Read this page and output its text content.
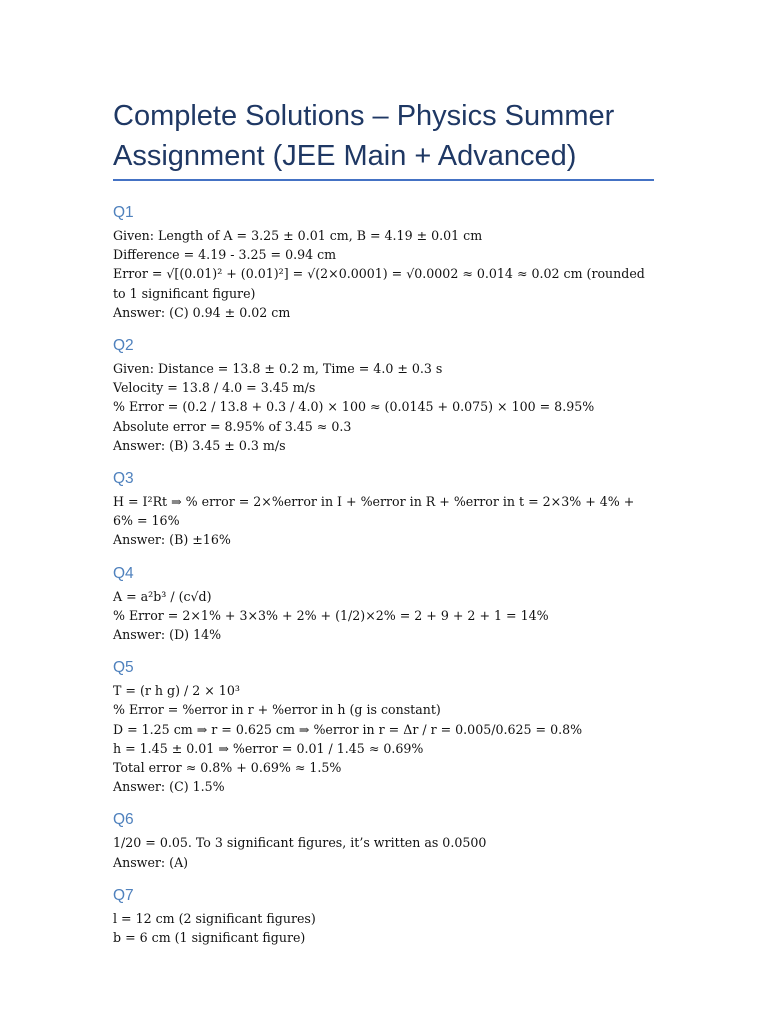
Complete Solutions – Physics Summer Assignment (JEE Main + Advanced)
Q1

Given: Length of A = 3.25 ± 0.01 cm, B = 4.19 ± 0.01 cm

Difference = 4.19 - 3.25 = 0.94 cm

Error = √[(0.01)² + (0.01)²] = √(2×0.0001) = √0.0002 ≈ 0.014 ≈ 0.02 cm (rounded to 1 significant figure)

Answer: (C) 0.94 ± 0.02 cm

Q2

Given: Distance = 13.8 ± 0.2 m, Time = 4.0 ± 0.3 s

Velocity = 13.8 / 4.0 = 3.45 m/s

% Error = (0.2 / 13.8 + 0.3 / 4.0) × 100 ≈ (0.0145 + 0.075) × 100 = 8.95%

Absolute error = 8.95% of 3.45 ≈ 0.3

Answer: (B) 3.45 ± 0.3 m/s

Q3

H = I²Rt ⇒ % error = 2×%error in I + %error in R + %error in t = 2×3% + 4% + 6% = 16%

Answer: (B) ±16%

Q4

A = a²b³ / (c√d)

% Error = 2×1% + 3×3% + 2% + (1/2)×2% = 2 + 9 + 2 + 1 = 14%

Answer: (D) 14%

Q5

T = (r h g) / 2 × 10³

% Error = %error in r + %error in h (g is constant)

D = 1.25 cm ⇒ r = 0.625 cm ⇒ %error in r = Δr / r = 0.005/0.625 = 0.8%

h = 1.45 ± 0.01 ⇒ %error = 0.01 / 1.45 ≈ 0.69%

Total error ≈ 0.8% + 0.69% ≈ 1.5%

Answer: (C) 1.5%

Q6

1/20 = 0.05. To 3 significant figures, it’s written as 0.0500

Answer: (A)

Q7

l = 12 cm (2 significant figures)

b = 6 cm (1 significant figure)
